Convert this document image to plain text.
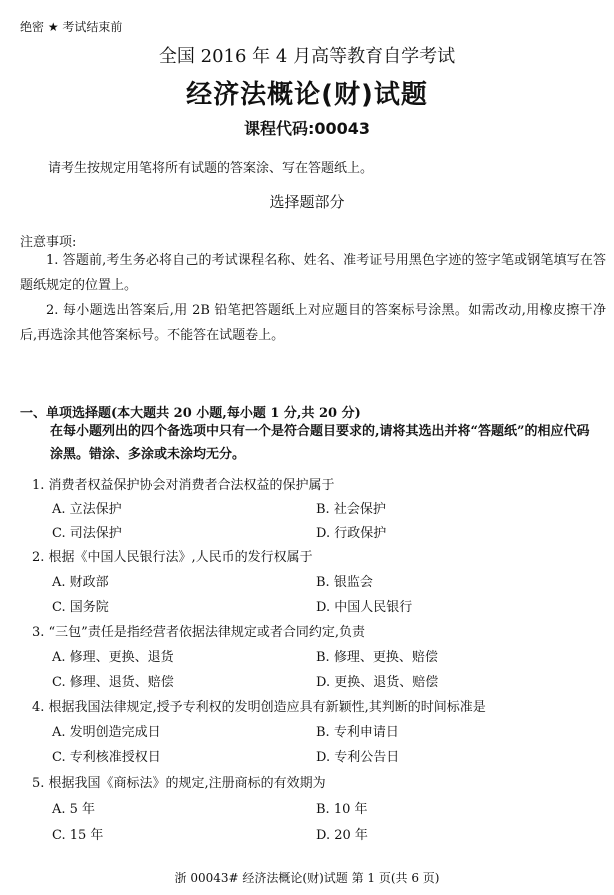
绝密 ★ 考试结束前
全国 2016 年 4 月高等教育自学考试
经济法概论(财)试题
课程代码:00043
请考生按规定用笔将所有试题的答案涂、写在答题纸上。
选择题部分
注意事项:
1. 答题前,考生务必将自己的考试课程名称、姓名、准考证号用黑色字迹的签字笔或钢笔填写在答题纸规定的位置上。
2. 每小题选出答案后,用 2B 铅笔把答题纸上对应题目的答案标号涂黑。如需改动,用橡皮擦干净后,再选涂其他答案标号。不能答在试题卷上。
一、单项选择题(本大题共 20 小题,每小题 1 分,共 20 分)
在每小题列出的四个备选项中只有一个是符合题目要求的,请将其选出并将“答题纸”的相应代码涂黑。错涂、多涂或未涂均无分。
1. 消费者权益保护协会对消费者合法权益的保护属于
A. 立法保护	B. 社会保护
C. 司法保护	D. 行政保护
2. 根据《中国人民银行法》,人民币的发行权属于
A. 财政部	B. 银监会
C. 国务院	D. 中国人民银行
3. “三包”责任是指经营者依据法律规定或者合同约定,负责
A. 修理、更换、退货	B. 修理、更换、赔偿
C. 修理、退货、赔偿	D. 更换、退货、赔偿
4. 根据我国法律规定,授予专利权的发明创造应具有新颖性,其判断的时间标准是
A. 发明创造完成日	B. 专利申请日
C. 专利核准授权日	D. 专利公告日
5. 根据我国《商标法》的规定,注册商标的有效期为
A. 5 年	B. 10 年
C. 15 年	D. 20 年
浙 00043# 经济法概论(财)试题 第 1 页(共 6 页)
